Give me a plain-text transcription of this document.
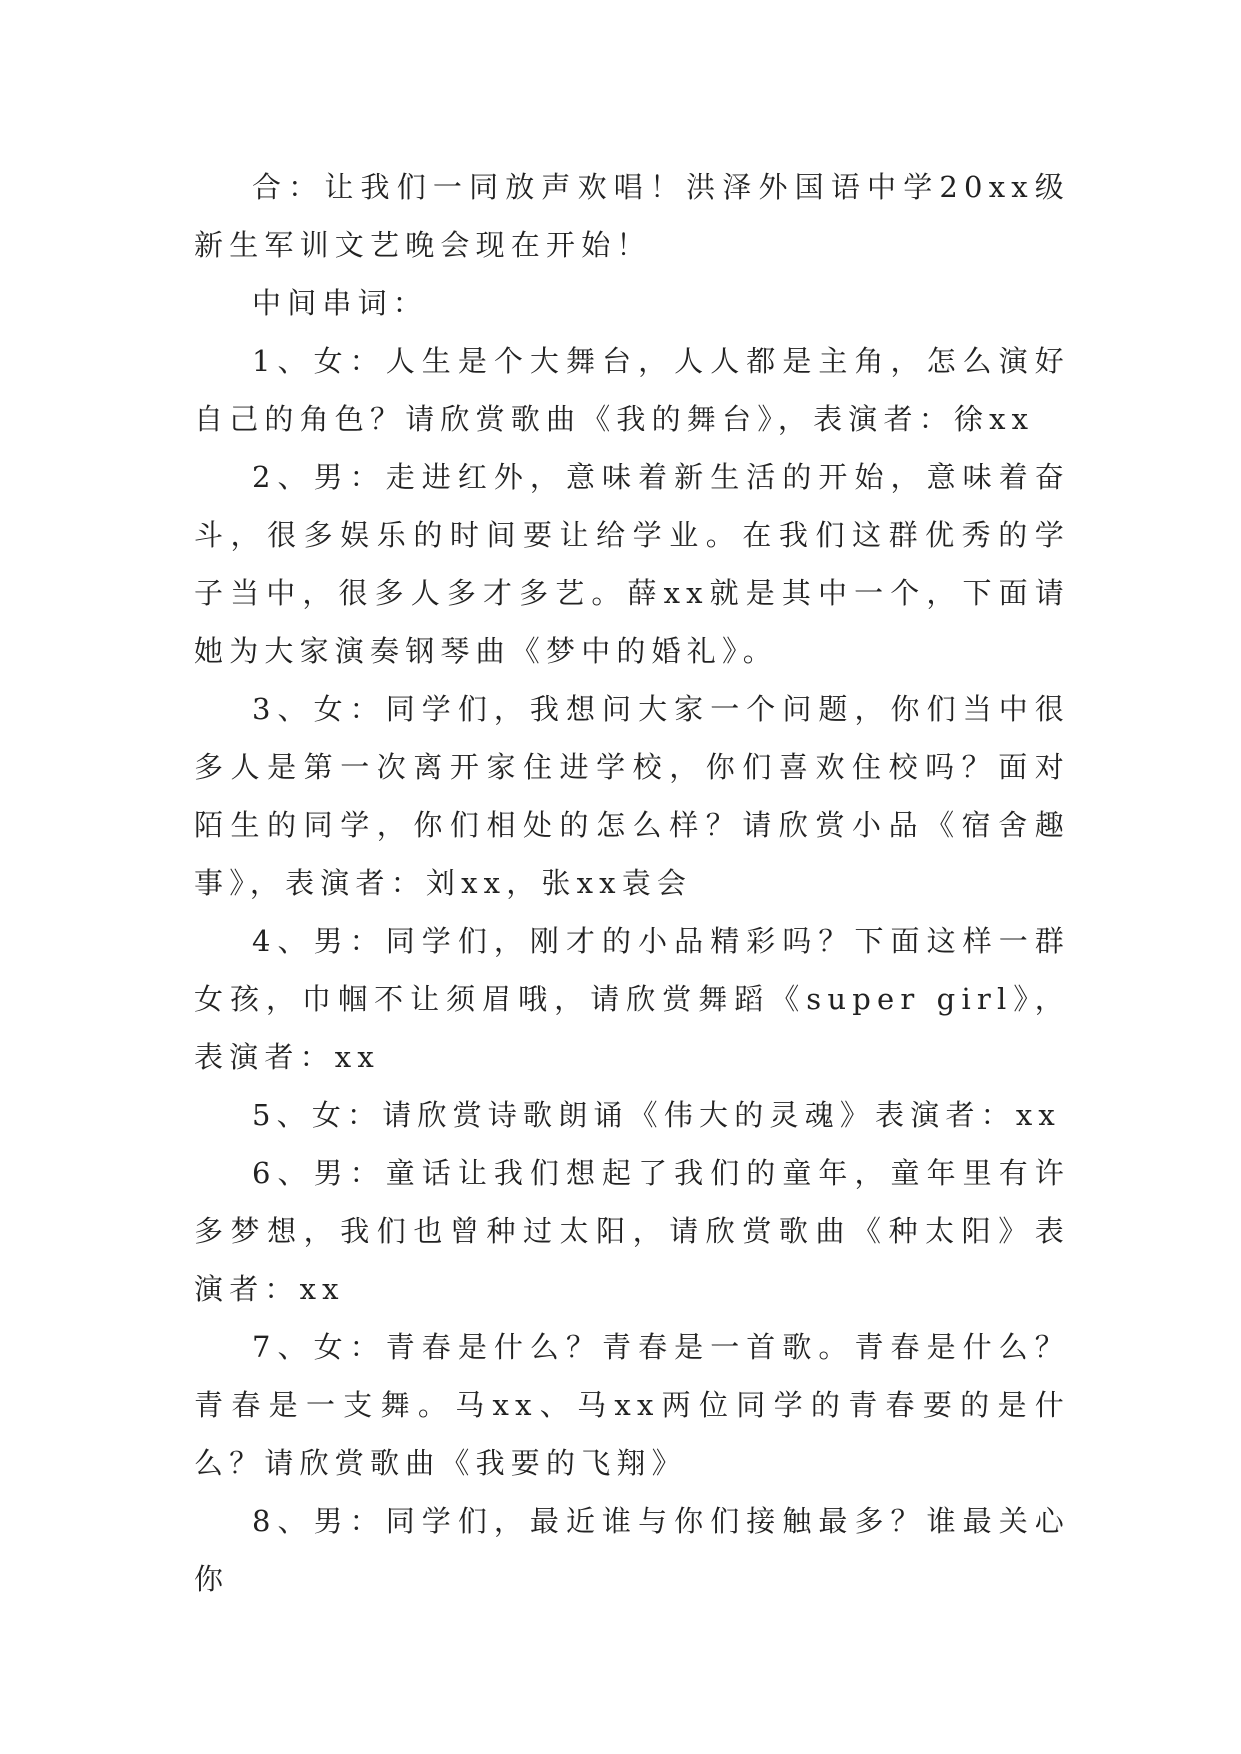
合：让我们一同放声欢唱！洪泽外国语中学20xx级新生军训文艺晚会现在开始！

中间串词：

1、女：人生是个大舞台，人人都是主角，怎么演好自己的角色？请欣赏歌曲《我的舞台》，表演者：徐xx

2、男：走进红外，意味着新生活的开始，意味着奋斗，很多娱乐的时间要让给学业。在我们这群优秀的学子当中，很多人多才多艺。薛xx就是其中一个，下面请她为大家演奏钢琴曲《梦中的婚礼》。

3、女：同学们，我想问大家一个问题，你们当中很多人是第一次离开家住进学校，你们喜欢住校吗？面对陌生的同学，你们相处的怎么样？请欣赏小品《宿舍趣事》，表演者：刘xx，张xx袁会

4、男：同学们，刚才的小品精彩吗？下面这样一群女孩，巾帼不让须眉哦，请欣赏舞蹈《super girl》，表演者：xx

5、女：请欣赏诗歌朗诵《伟大的灵魂》表演者：xx

6、男：童话让我们想起了我们的童年，童年里有许多梦想，我们也曾种过太阳，请欣赏歌曲《种太阳》表演者：xx

7、女：青春是什么？青春是一首歌。青春是什么？青春是一支舞。马xx、马xx两位同学的青春要的是什么？请欣赏歌曲《我要的飞翔》

8、男：同学们，最近谁与你们接触最多？谁最关心你
